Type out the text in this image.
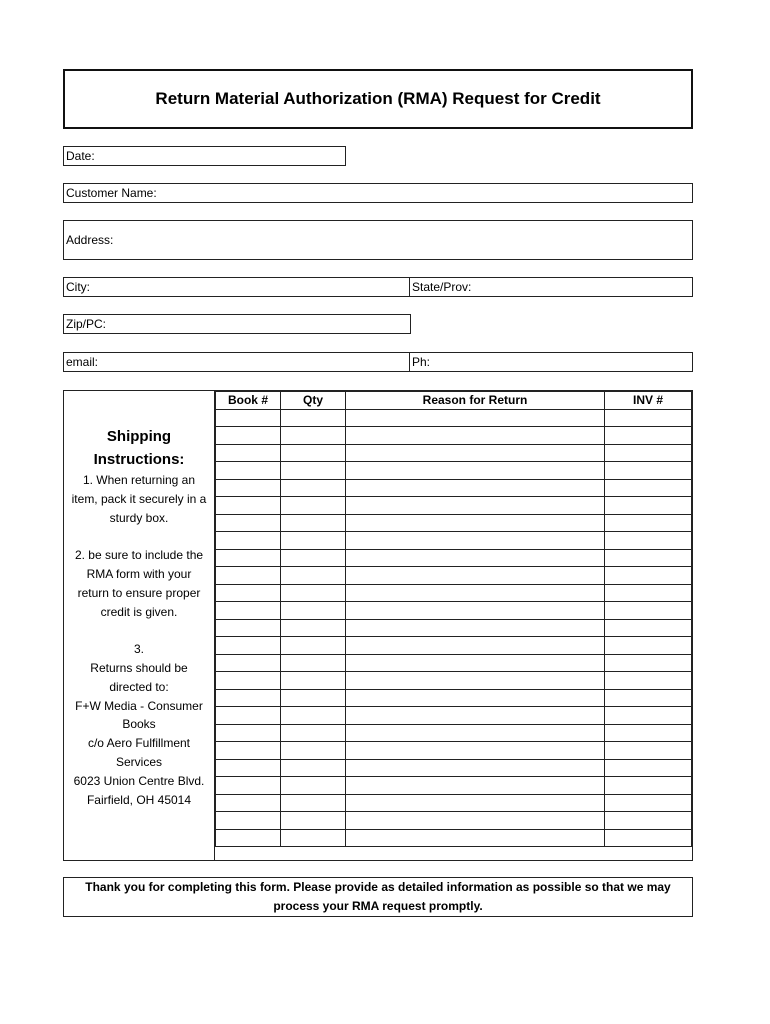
Return Material Authorization (RMA) Request for Credit
Date:
Customer Name:
Address:
City:	State/Prov:
Zip/PC:
email:	Ph:
Shipping
Instructions:
1. When returning an
item, pack it securely in a
sturdy box.

2. be sure to include the
RMA form with your
return to ensure proper
credit is given.

3.
Returns should be
directed to:
F+W Media - Consumer
Books
c/o Aero Fulfillment
Services
6023 Union Centre Blvd.
Fairfield, OH 45014
Book #	Qty	Reason for Return	INV #

Thank you for completing this form. Please provide as detailed information as possible so that we may process your RMA request promptly.
